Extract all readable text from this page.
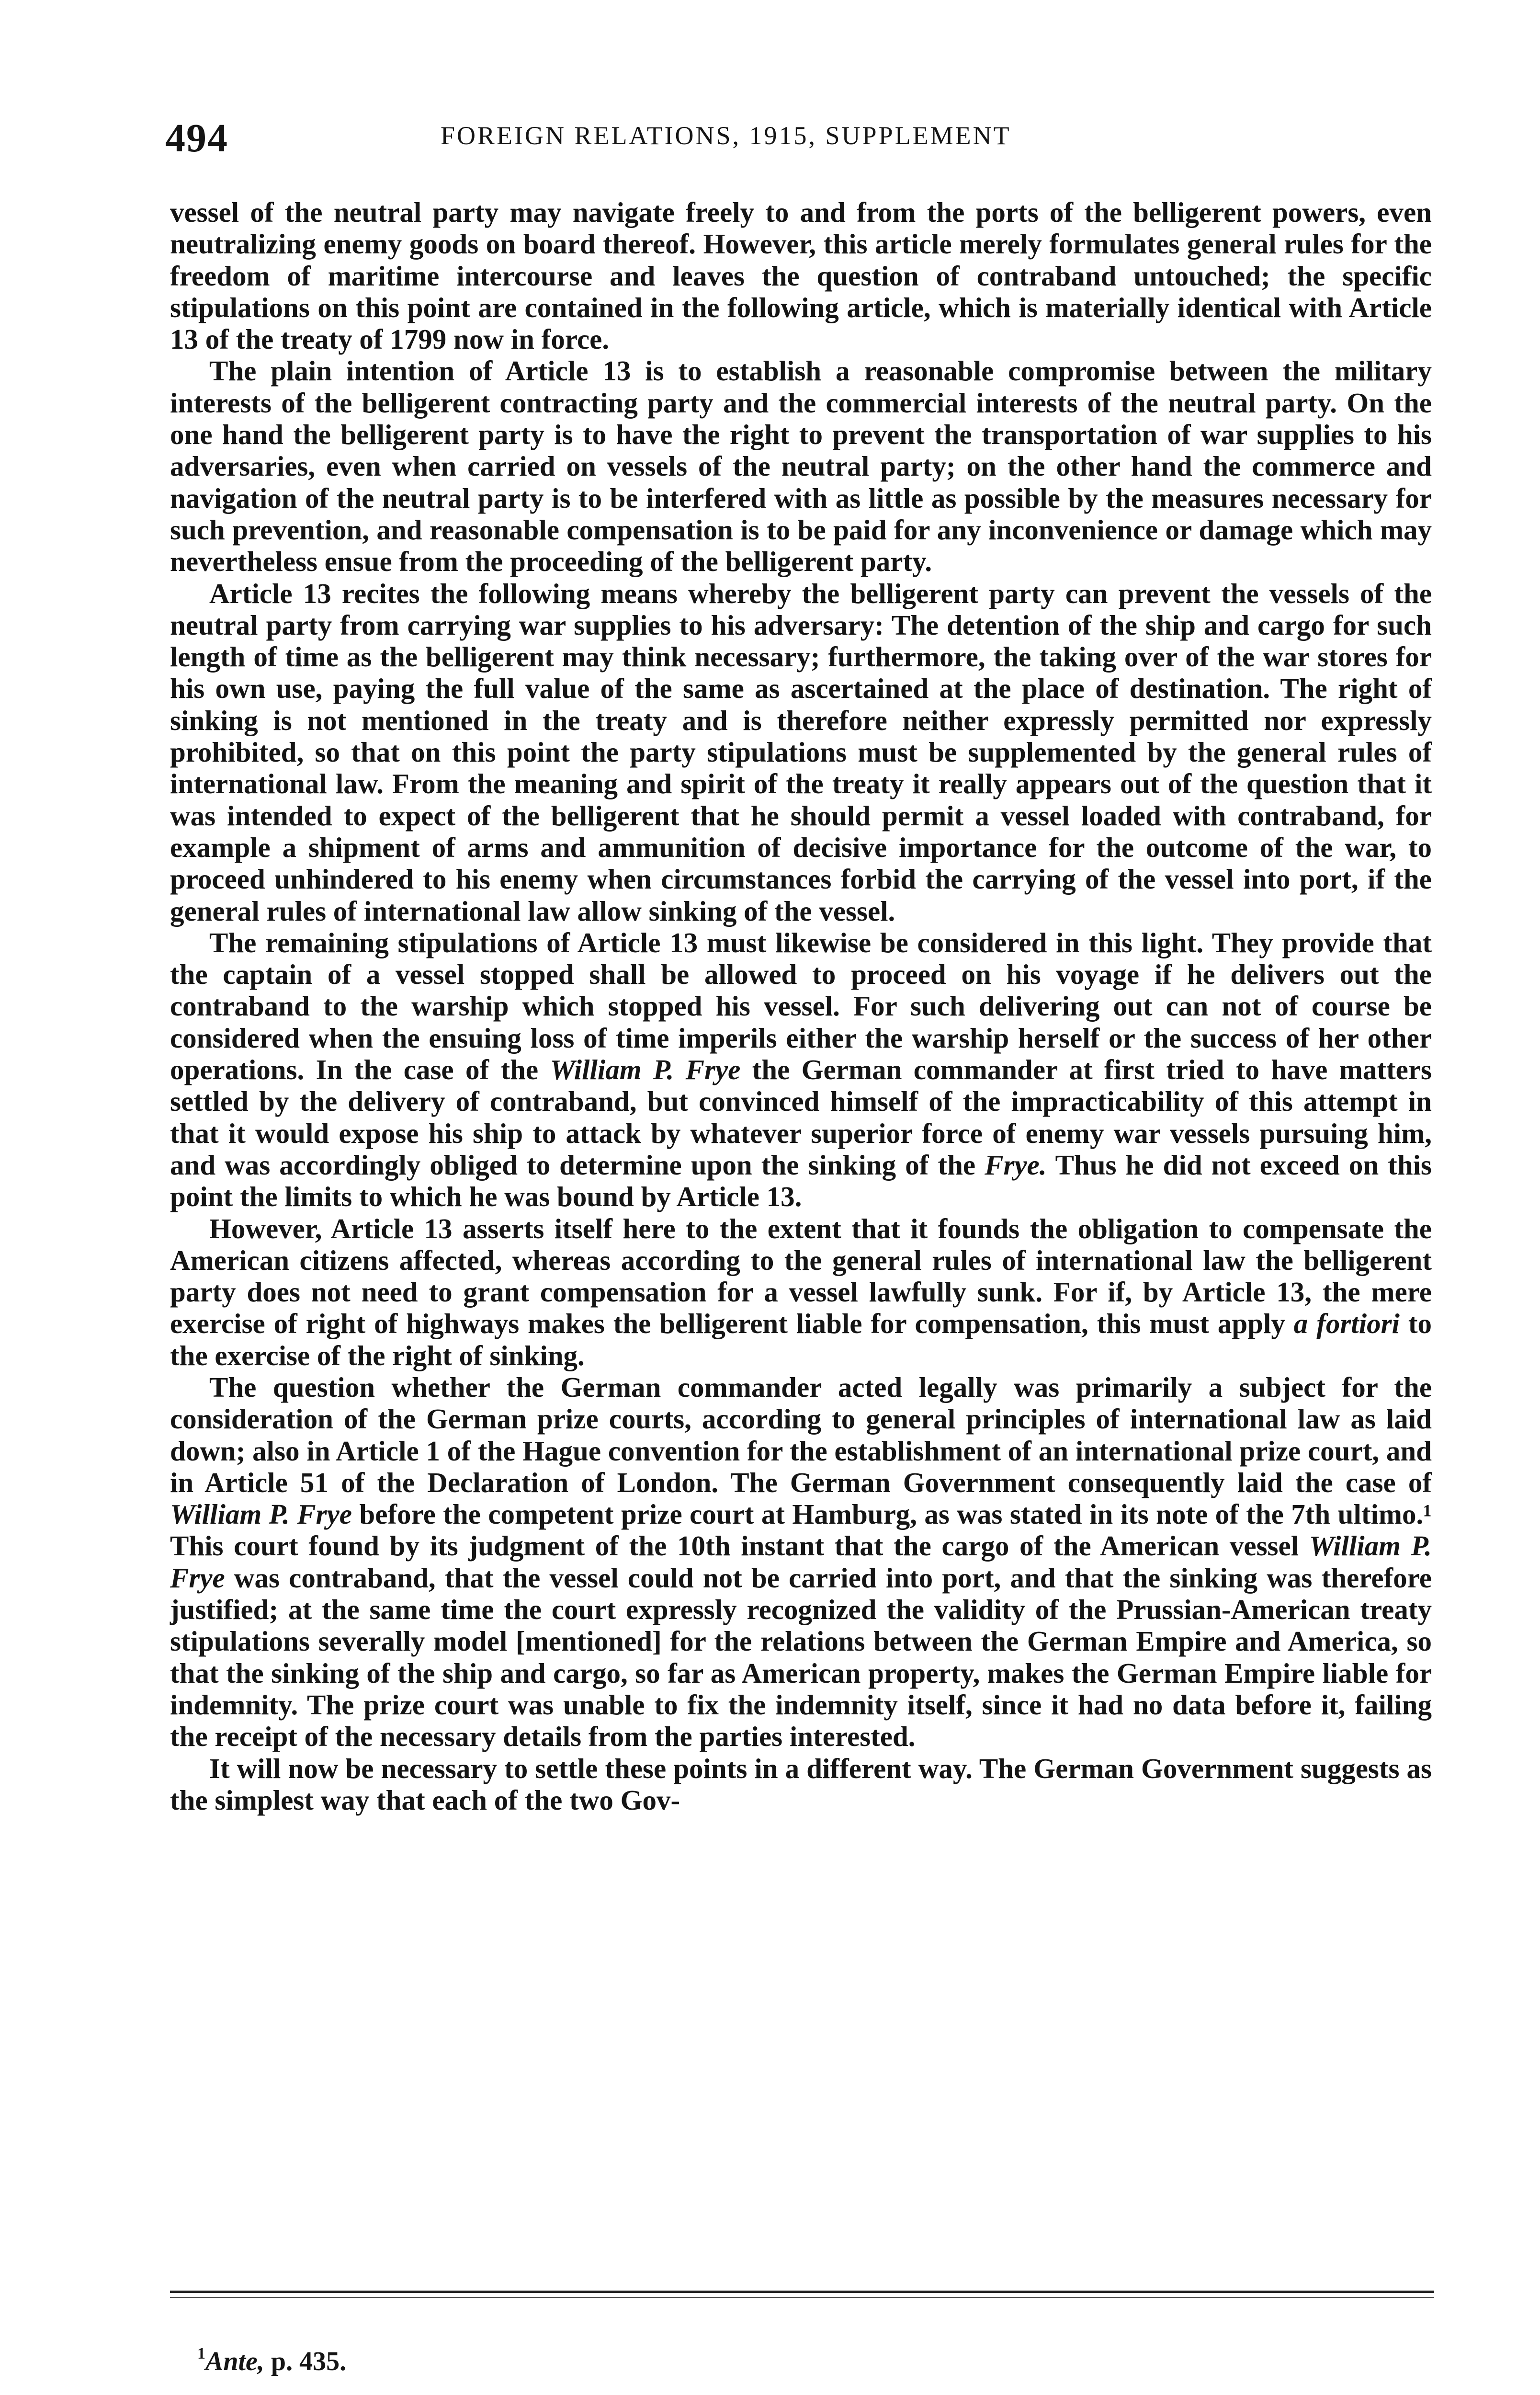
494	FOREIGN RELATIONS, 1915, SUPPLEMENT

vessel of the neutral party may navigate freely to and from the ports of the belligerent powers, even neutralizing enemy goods on board thereof. However, this article merely formulates general rules for the freedom of maritime intercourse and leaves the question of contraband untouched; the specific stipulations on this point are contained in the following article, which is materially identical with Article 13 of the treaty of 1799 now in force.

The plain intention of Article 13 is to establish a reasonable compromise between the military interests of the belligerent contracting party and the commercial interests of the neutral party. On the one hand the belligerent party is to have the right to prevent the transportation of war supplies to his adversaries, even when carried on vessels of the neutral party; on the other hand the commerce and navigation of the neutral party is to be interfered with as little as possible by the measures necessary for such prevention, and reasonable compensation is to be paid for any inconvenience or damage which may nevertheless ensue from the proceeding of the belligerent party.

Article 13 recites the following means whereby the belligerent party can prevent the vessels of the neutral party from carrying war supplies to his adversary: The detention of the ship and cargo for such length of time as the belligerent may think necessary; furthermore, the taking over of the war stores for his own use, paying the full value of the same as ascertained at the place of destination. The right of sinking is not mentioned in the treaty and is therefore neither expressly permitted nor expressly prohibited, so that on this point the party stipulations must be supplemented by the general rules of international law. From the meaning and spirit of the treaty it really appears out of the question that it was intended to expect of the belligerent that he should permit a vessel loaded with contraband, for example a shipment of arms and ammunition of decisive importance for the outcome of the war, to proceed unhindered to his enemy when circumstances forbid the carrying of the vessel into port, if the general rules of international law allow sinking of the vessel.

The remaining stipulations of Article 13 must likewise be considered in this light. They provide that the captain of a vessel stopped shall be allowed to proceed on his voyage if he delivers out the contraband to the warship which stopped his vessel. For such delivering out can not of course be considered when the ensuing loss of time imperils either the warship herself or the success of her other operations. In the case of the William P. Frye the German commander at first tried to have matters settled by the delivery of contraband, but convinced himself of the impracticability of this attempt in that it would expose his ship to attack by whatever superior force of enemy war vessels pursuing him, and was accordingly obliged to determine upon the sinking of the Frye. Thus he did not exceed on this point the limits to which he was bound by Article 13.

However, Article 13 asserts itself here to the extent that it founds the obligation to compensate the American citizens affected, whereas according to the general rules of international law the belligerent party does not need to grant compensation for a vessel lawfully sunk. For if, by Article 13, the mere exercise of right of highways makes the belligerent liable for compensation, this must apply a fortiori to the exercise of the right of sinking.

The question whether the German commander acted legally was primarily a subject for the consideration of the German prize courts, according to general principles of international law as laid down; also in Article 1 of the Hague convention for the establishment of an international prize court, and in Article 51 of the Declaration of London. The German Government consequently laid the case of William P. Frye before the competent prize court at Hamburg, as was stated in its note of the 7th ultimo.¹ This court found by its judgment of the 10th instant that the cargo of the American vessel William P. Frye was contraband, that the vessel could not be carried into port, and that the sinking was therefore justified; at the same time the court expressly recognized the validity of the Prussian-American treaty stipulations severally model [mentioned] for the relations between the German Empire and America, so that the sinking of the ship and cargo, so far as American property, makes the German Empire liable for indemnity. The prize court was unable to fix the indemnity itself, since it had no data before it, failing the receipt of the necessary details from the parties interested.

It will now be necessary to settle these points in a different way. The German Government suggests as the simplest way that each of the two Gov-

$^1$Ante, p. 435.
